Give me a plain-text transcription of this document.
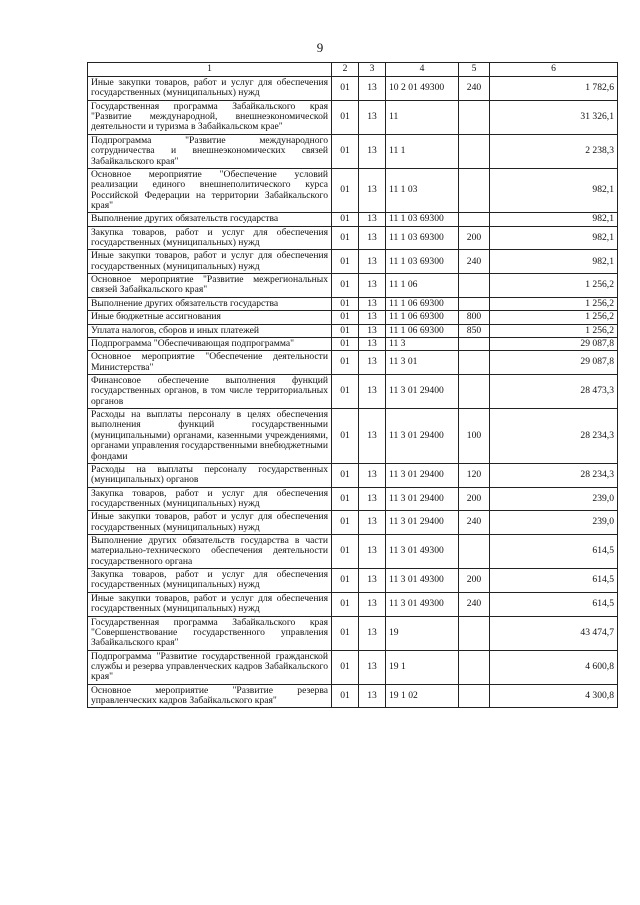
9
1	2	3	4	5	6
Иные закупки товаров, работ и услуг для обеспечения государственных (муниципальных) нужд	01	13	10 2 01 49300	240	1 782,6
Государственная программа Забайкальского края "Развитие международной, внешнеэкономической деятельности и туризма в Забайкальском крае"	01	13	11		31 326,1
Подпрограмма "Развитие международного сотрудничества и внешнеэкономических связей Забайкальского края"	01	13	11 1		2 238,3
Основное мероприятие "Обеспечение условий реализации единого внешнеполитического курса Российской Федерации на территории Забайкальского края"	01	13	11 1 03		982,1
Выполнение других обязательств государства	01	13	11 1 03 69300		982,1
Закупка товаров, работ и услуг для обеспечения государственных (муниципальных) нужд	01	13	11 1 03 69300	200	982,1
Иные закупки товаров, работ и услуг для обеспечения государственных (муниципальных) нужд	01	13	11 1 03 69300	240	982,1
Основное мероприятие "Развитие межрегиональных связей Забайкальского края"	01	13	11 1 06		1 256,2
Выполнение других обязательств государства	01	13	11 1 06 69300		1 256,2
Иные бюджетные ассигнования	01	13	11 1 06 69300	800	1 256,2
Уплата налогов, сборов и иных платежей	01	13	11 1 06 69300	850	1 256,2
Подпрограмма "Обеспечивающая подпрограмма"	01	13	11 3		29 087,8
Основное мероприятие "Обеспечение деятельности Министерства"	01	13	11 3 01		29 087,8
Финансовое обеспечение выполнения функций государственных органов, в том числе территориальных органов	01	13	11 3 01 29400		28 473,3
Расходы на выплаты персоналу в целях обеспечения выполнения функций государственными (муниципальными) органами, казенными учреждениями, органами управления государственными внебюджетными фондами	01	13	11 3 01 29400	100	28 234,3
Расходы на выплаты персоналу государственных (муниципальных) органов	01	13	11 3 01 29400	120	28 234,3
Закупка товаров, работ и услуг для обеспечения государственных (муниципальных) нужд	01	13	11 3 01 29400	200	239,0
Иные закупки товаров, работ и услуг для обеспечения государственных (муниципальных) нужд	01	13	11 3 01 29400	240	239,0
Выполнение других обязательств государства в части материально-технического обеспечения деятельности государственного органа	01	13	11 3 01 49300		614,5
Закупка товаров, работ и услуг для обеспечения государственных (муниципальных) нужд	01	13	11 3 01 49300	200	614,5
Иные закупки товаров, работ и услуг для обеспечения государственных (муниципальных) нужд	01	13	11 3 01 49300	240	614,5
Государственная программа Забайкальского края "Совершенствование государственного управления Забайкальского края"	01	13	19		43 474,7
Подпрограмма "Развитие государственной гражданской службы и резерва управленческих кадров Забайкальского края"	01	13	19 1		4 600,8
Основное мероприятие "Развитие резерва управленческих кадров Забайкальского края"	01	13	19 1 02		4 300,8
